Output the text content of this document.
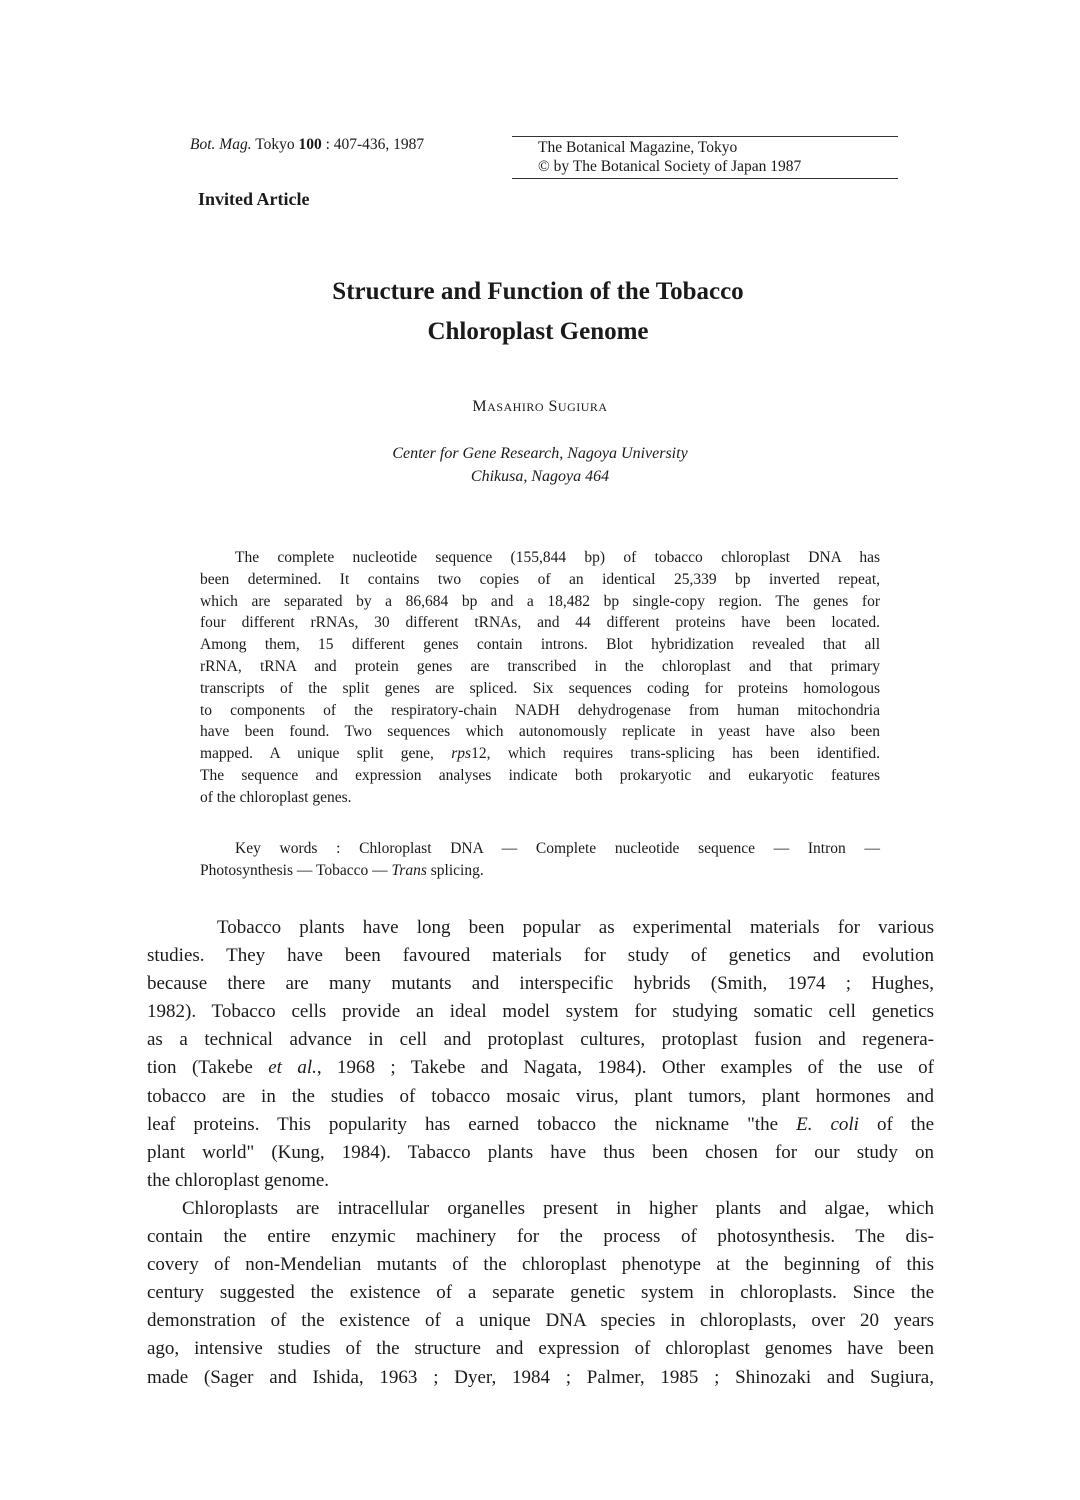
Bot. Mag. Tokyo 100 : 407-436, 1987	The Botanical Magazine, Tokyo
© by The Botanical Society of Japan 1987
Invited Article
Structure and Function of the Tobacco
Chloroplast Genome
MASAHIRO SUGIURA
Center for Gene Research, Nagoya University
Chikusa, Nagoya 464
The complete nucleotide sequence (155,844 bp) of tobacco chloroplast DNA has
been determined. It contains two copies of an identical 25,339 bp inverted repeat,
which are separated by a 86,684 bp and a 18,482 bp single-copy region. The genes for
four different rRNAs, 30 different tRNAs, and 44 different proteins have been located.
Among them, 15 different genes contain introns. Blot hybridization revealed that all
rRNA, tRNA and protein genes are transcribed in the chloroplast and that primary
transcripts of the split genes are spliced. Six sequences coding for proteins homologous
to components of the respiratory-chain NADH dehydrogenase from human mitochondria
have been found. Two sequences which autonomously replicate in yeast have also been
mapped. A unique split gene, rps12, which requires trans-splicing has been identified.
The sequence and expression analyses indicate both prokaryotic and eukaryotic features
of the chloroplast genes.
Key words : Chloroplast DNA — Complete nucleotide sequence — Intron —
Photosynthesis — Tobacco — Trans splicing.
Tobacco plants have long been popular as experimental materials for various
studies. They have been favoured materials for study of genetics and evolution
because there are many mutants and interspecific hybrids (Smith, 1974 ; Hughes,
1982). Tobacco cells provide an ideal model system for studying somatic cell genetics
as a technical advance in cell and protoplast cultures, protoplast fusion and regenera-
tion (Takebe et al., 1968 ; Takebe and Nagata, 1984). Other examples of the use of
tobacco are in the studies of tobacco mosaic virus, plant tumors, plant hormones and
leaf proteins. This popularity has earned tobacco the nickname "the E. coli of the
plant world" (Kung, 1984). Tabacco plants have thus been chosen for our study on
the chloroplast genome.
Chloroplasts are intracellular organelles present in higher plants and algae, which
contain the entire enzymic machinery for the process of photosynthesis. The dis-
covery of non-Mendelian mutants of the chloroplast phenotype at the beginning of this
century suggested the existence of a separate genetic system in chloroplasts. Since the
demonstration of the existence of a unique DNA species in chloroplasts, over 20 years
ago, intensive studies of the structure and expression of chloroplast genomes have been
made (Sager and Ishida, 1963 ; Dyer, 1984 ; Palmer, 1985 ; Shinozaki and Sugiura,
